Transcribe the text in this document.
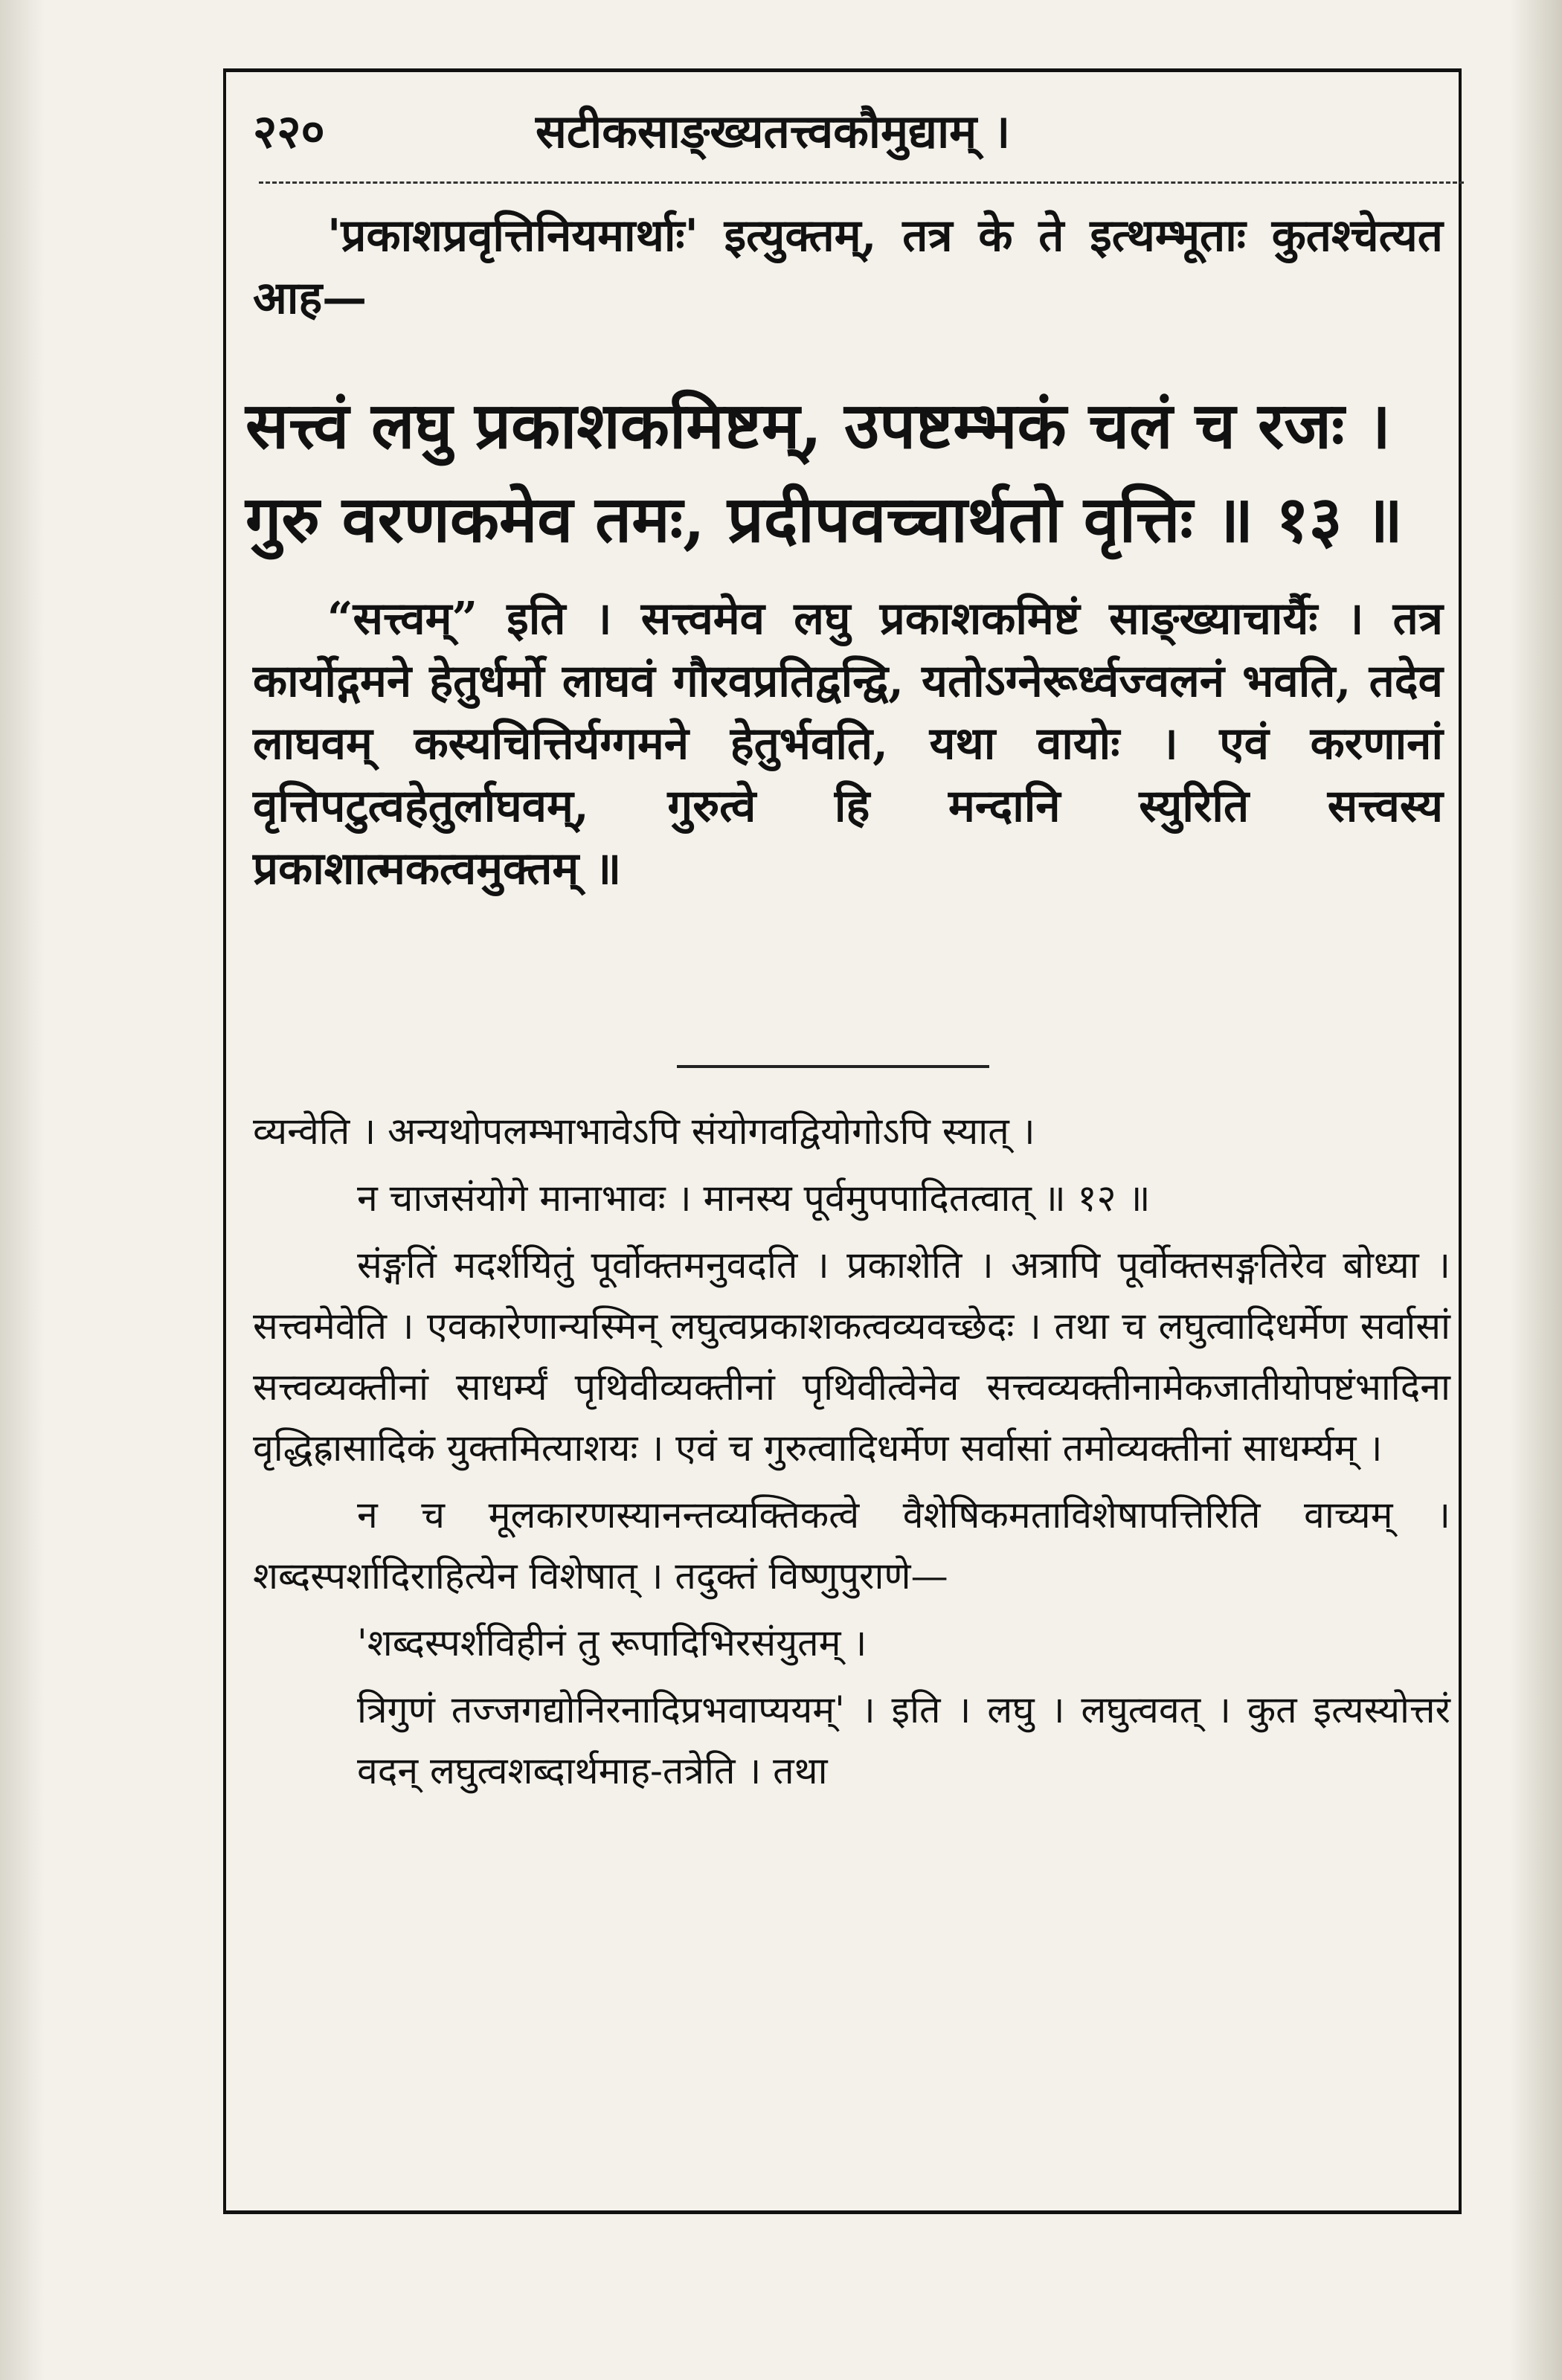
२२०	सटीकसाङ्ख्यतत्त्वकौमुद्याम् ।

'प्रकाशप्रवृत्तिनियमार्थाः' इत्युक्तम्, तत्र के ते इत्थम्भूताः कुतश्चेत्यत आह—

सत्त्वं लघु प्रकाशकमिष्टम्, उपष्टम्भकं चलं च रजः ।
गुरु वरणकमेव तमः, प्रदीपवच्चार्थतो वृत्तिः ॥ १३ ॥

“सत्त्वम्” इति । सत्त्वमेव लघु प्रकाशकमिष्टं साङ्ख्याचार्यैः । तत्र कार्योद्गमने हेतुर्धर्मो लाघवं गौरवप्रतिद्वन्द्वि, यतोऽग्नेरूर्ध्वज्वलनं भवति, तदेव लाघवम् कस्यचित्तिर्यग्गमने हेतुर्भवति, यथा वायोः । एवं करणानां वृत्तिपटुत्वहेतुर्लाघवम्, गुरुत्वे हि मन्दानि स्युरिति सत्त्वस्य प्रकाशात्मकत्वमुक्तम् ॥

व्यन्वेति । अन्यथोपलम्भाभावेऽपि संयोगवद्वियोगोऽपि स्यात् ।

न चाजसंयोगे मानाभावः । मानस्य पूर्वमुपपादितत्वात् ॥ १२ ॥

संङ्गतिं मदर्शयितुं पूर्वोक्तमनुवदति । प्रकाशेति । अत्रापि पूर्वोक्तसङ्गतिरेव बोध्या । सत्त्वमेवेति । एवकारेणान्यस्मिन् लघुत्वप्रकाशकत्वव्यवच्छेदः । तथा च लघुत्वादिधर्मेण सर्वासां सत्त्वव्यक्तीनां साधर्म्यं पृथिवीव्यक्तीनां पृथिवीत्वेनेव सत्त्वव्यक्तीनामेकजातीयोपष्टंभादिना वृद्धिह्रासादिकं युक्तमित्याशयः । एवं च गुरुत्वादिधर्मेण सर्वासां तमोव्यक्तीनां साधर्म्यम् ।

न च मूलकारणस्यानन्तव्यक्तिकत्वे वैशेषिकमताविशेषापत्तिरिति वाच्यम् । शब्दस्पर्शादिराहित्येन विशेषात् । तदुक्तं विष्णुपुराणे—

'शब्दस्पर्शविहीनं तु रूपादिभिरसंयुतम् ।

त्रिगुणं तज्जगद्योनिरनादिप्रभवाप्ययम्' । इति । लघु । लघुत्ववत् । कुत इत्यस्योत्तरं वदन् लघुत्वशब्दार्थमाह-तत्रेति । तथा
